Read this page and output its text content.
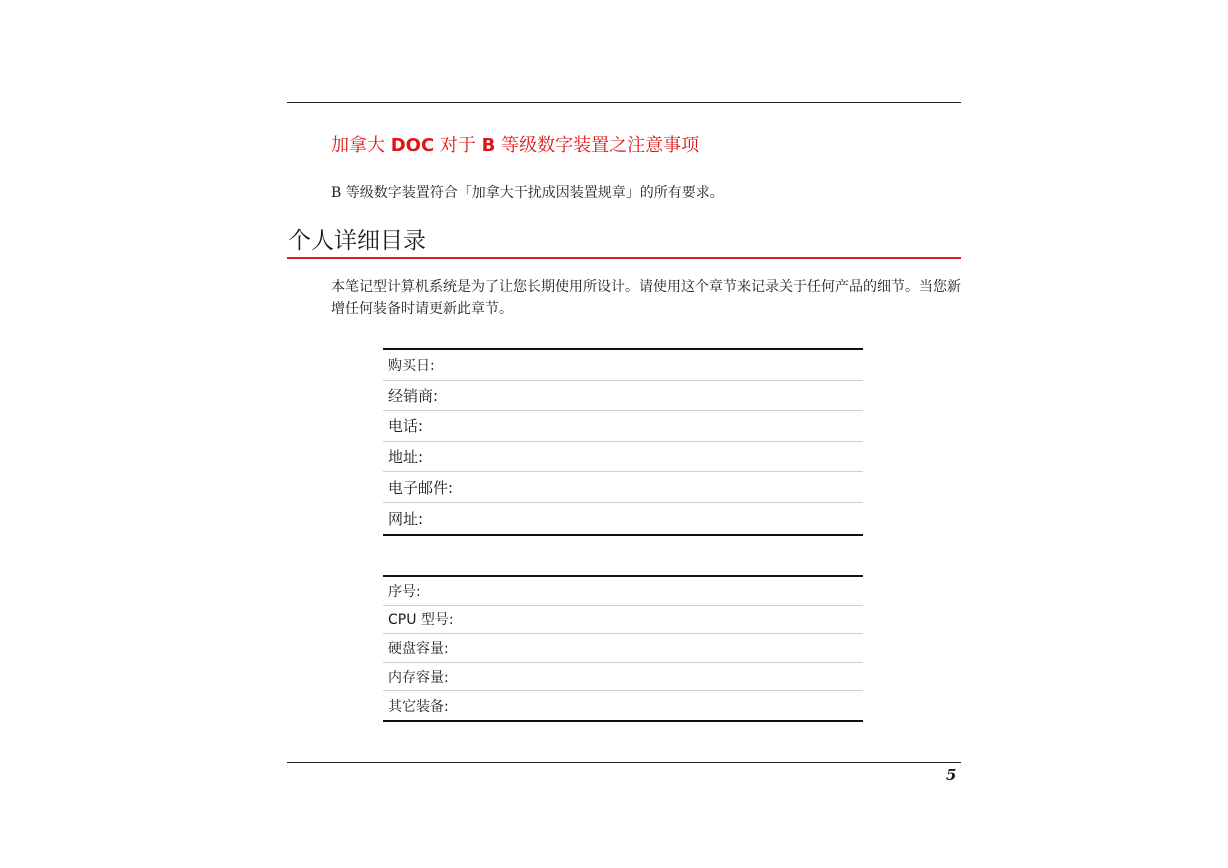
加拿大 DOC 对于 B 等级数字装置之注意事项

B 等级数字装置符合「加拿大干扰成因装置规章」的所有要求。

个人详细目录

本笔记型计算机系统是为了让您长期使用所设计。请使用这个章节来记录关于任何产品的细节。当您新增任何装备时请更新此章节。

购买日:
经销商:
电话:
地址:
电子邮件:
网址:
序号:
CPU 型号:
硬盘容量:
内存容量:
其它装备:

5
